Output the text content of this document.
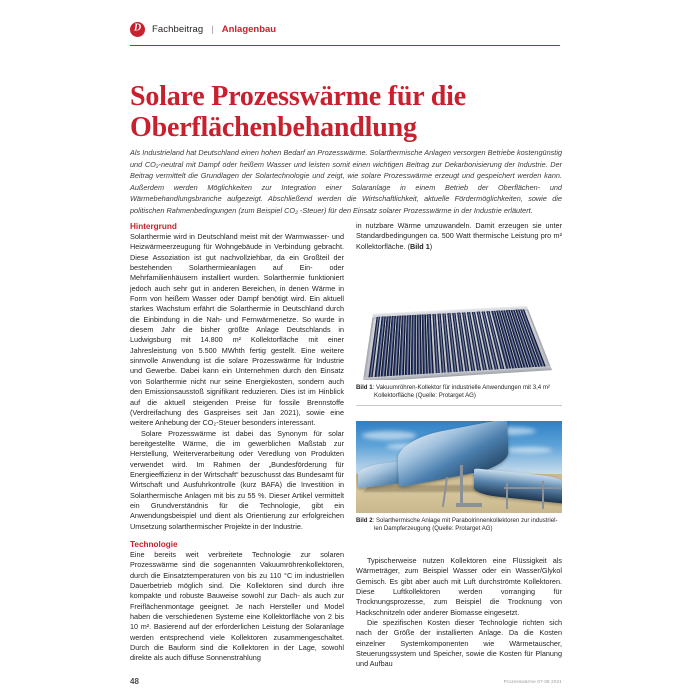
D Fachbeitrag | Anlagenbau
Solare Prozesswärme für die
Oberflächenbehandlung
Als Industrieland hat Deutschland einen hohen Bedarf an Prozesswärme. Solarthermische Anlagen versorgen Betriebe kostengünstig und CO₂-neutral mit Dampf oder heißem Wasser und leisten somit einen wichtigen Beitrag zur Dekarbonisierung der Industrie. Der Beitrag vermittelt die Grundlagen der Solartechnologie und zeigt, wie solare Prozesswärme erzeugt und gespeichert werden kann. Außerdem werden Möglichkeiten zur Integration einer Solaranlage in einem Betrieb der Oberflächen- und Wärmebehandlungsbranche aufgezeigt. Abschließend werden die Wirtschaftlichkeit, aktuelle Fördermöglichkeiten, sowie die politischen Rahmenbedingungen (zum Beispiel CO₂ -Steuer) für den Einsatz solarer Prozesswärme in der Industrie erläutert.

Hintergrund

Solarthermie wird in Deutschland meist mit der Warmwasser- und Heizwärmeerzeugung für Wohngebäude in Verbindung gebracht. Diese Assoziation ist gut nachvollziehbar, da ein Großteil der bestehenden Solarthermieanlagen auf Ein- oder Mehrfamilienhäusern installiert wurden. Solarthermie funktioniert jedoch auch sehr gut in anderen Bereichen, in denen Wärme in Form von heißem Wasser oder Dampf benötigt wird. Ein aktuell starkes Wachstum erfährt die Solarthermie in Deutschland durch die Einbindung in die Nah- und Fernwärmenetze. So wurde in diesem Jahr die bisher größte Anlage Deutschlands in Ludwigsburg mit 14.800 m² Kollektorfläche mit einer Jahresleistung von 5.500 MWhth fertig gestellt. Eine weitere sinnvolle Anwendung ist die solare Prozesswärme für Industrie und Gewerbe. Dabei kann ein Unternehmen durch den Einsatz von Solarthermie nicht nur seine Energiekosten, sondern auch den Emissionsausstoß signifikant reduzieren. Dies ist im Hinblick auf die aktuell steigenden Preise für fossile Brennstoffe (Verdreifachung des Gaspreises seit Jan 2021), sowie eine weitere Anhebung der CO₂-Steuer besonders interessant.

Solare Prozesswärme ist dabei das Synonym für solar bereitgestellte Wärme, die im gewerblichen Maßstab zur Herstellung, Weiterverarbeitung oder Veredlung von Produkten verwendet wird. Im Rahmen der „Bundesförderung für Energieeffizienz in der Wirtschaft“ bezuschusst das Bundesamt für Wirtschaft und Ausfuhrkontrolle (kurz BAFA) die Investition in Solarthermische Anlagen mit bis zu 55 %. Dieser Artikel vermittelt ein Grundverständnis für die Technologie, gibt ein Anwendungsbeispiel und dient als Orientierung zur erfolgreichen Umsetzung solarthermischer Projekte in der Industrie.

Technologie

Eine bereits weit verbreitete Technologie zur solaren Prozesswärme sind die sogenannten Vakuumröhrenkollektoren, durch die Einsatztemperaturen von bis zu 110 °C im industriellen Dauerbetrieb möglich sind. Die Kollektoren sind durch ihre kompakte und robuste Bauweise sowohl zur Dach- als auch zur Freiflächenmontage geeignet. Je nach Hersteller und Model haben die verschiedenen Systeme eine Kollektorfläche von 2 bis 10 m². Basierend auf der erforderlichen Leistung der Solaranlage werden entsprechend viele Kollektoren zusammengeschaltet. Durch die Bauform sind die Kollektoren in der Lage, sowohl direkte als auch diffuse Sonnenstrahlung

in nutzbare Wärme umzuwandeln. Damit erzeugen sie unter Standardbedingungen ca. 500 Watt thermische Leistung pro m² Kollektorfläche. (Bild 1)

Bild 1: Vakuumröhren-Kollektor für industrielle Anwendungen mit 3,4 m²
Kollektorfläche (Quelle: Protarget AG)
Bild 2: Solarthermische Anlage mit Parabolrinnenkollektoren zur industriel-
len Dampferzeugung (Quelle: Protarget AG)

Typischerweise nutzen Kollektoren eine Flüssigkeit als Wärmeträger, zum Beispiel Wasser oder ein Wasser/Glykol Gemisch. Es gibt aber auch mit Luft durchströmte Kollektoren. Diese Luftkollektoren werden vorranging für Trocknungsprozesse, zum Beispiel die Trocknung von Hackschnitzeln oder anderer Biomasse eingesetzt.

Die spezifischen Kosten dieser Technologie richten sich nach der Größe der installierten Anlage. Da die Kosten einzelner Systemkomponenten wie Wärmetauscher, Steuerungssystem und Speicher, sowie die Kosten für Planung und Aufbau

48	Prozesswärme 07-08 2021
